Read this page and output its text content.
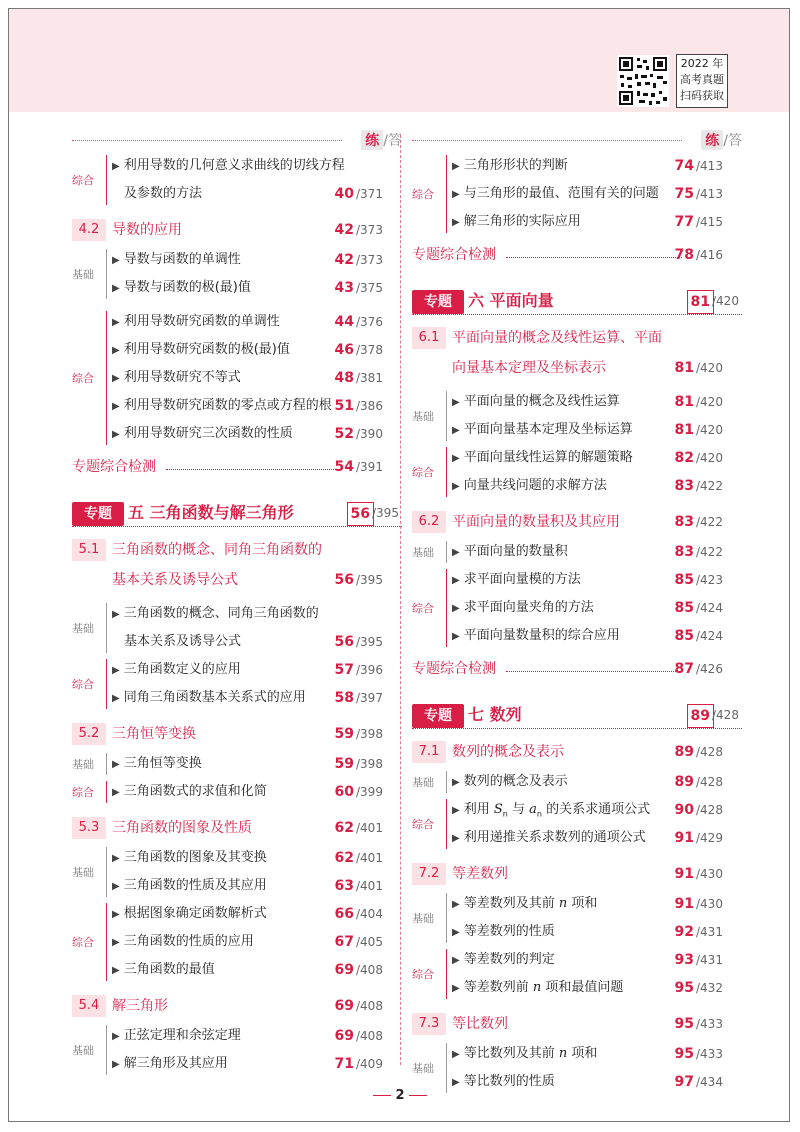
2022 年
高考真题
扫码获取
练 /答
综合
▶ 利用导数的几何意义求曲线的切线方程
及参数的方法	40 /371
4.2 导数的应用	42 /373
基础
▶ 导数与函数的单调性	42 /373
▶ 导数与函数的极(最)值	43 /375
综合
▶ 利用导数研究函数的单调性	44 /376
▶ 利用导数研究函数的极(最)值	46 /378
▶ 利用导数研究不等式	48 /381
▶ 利用导数研究函数的零点或方程的根 51 /386
▶ 利用导数研究三次函数的性质	52 /390
专题综合检测	54 /391
专题	五 三角函数与解三角形	56 /395
5.1 三角函数的概念、同角三角函数的
基本关系及诱导公式	56 /395
基础
▶ 三角函数的概念、同角三角函数的
基本关系及诱导公式	56 /395
综合
▶ 三角函数定义的应用	57 /396
▶ 同角三角函数基本关系式的应用 58 /397
5.2 三角恒等变换	59 /398
基础	▶ 三角恒等变换	59 /398
综合	▶ 三角函数式的求值和化简	60 /399
5.3 三角函数的图象及性质	62 /401
基础
▶ 三角函数的图象及其变换	62 /401
▶ 三角函数的性质及其应用	63 /401
综合
▶ 根据图象确定函数解析式	66 /404
▶ 三角函数的性质的应用	67 /405
▶ 三角函数的最值	69 /408
5.4 解三角形	69 /408
基础
▶ 正弦定理和余弦定理	69 /408
▶ 解三角形及其应用	71 /409
练 /答
综合
▶ 三角形形状的判断	74 /413
▶ 与三角形的最值、范围有关的问题 75 /413
▶ 解三角形的实际应用	77 /415
专题综合检测	78 /416
专题	六 平面向量	81 /420
6.1 平面向量的概念及线性运算、平面
向量基本定理及坐标表示	81 /420
基础
▶ 平面向量的概念及线性运算	81 /420
▶ 平面向量基本定理及坐标运算	81 /420
综合
▶ 平面向量线性运算的解题策略	82 /420
▶ 向量共线问题的求解方法	83 /422
6.2 平面向量的数量积及其应用	83 /422
基础	▶ 平面向量的数量积	83 /422
综合
▶ 求平面向量模的方法	85 /423
▶ 求平面向量夹角的方法	85 /424
▶ 平面向量数量积的综合应用	85 /424
专题综合检测	87 /426
专题	七 数列	89 /428
7.1 数列的概念及表示	89 /428
基础	▶ 数列的概念及表示	89 /428
综合
▶ 利用 $S_n$ 与 $a_n$ 的关系求通项公式 90 /428
▶ 利用递推关系求数列的通项公式 91 /429
7.2 等差数列	91 /430
基础
▶ 等差数列及其前 n 项和	91 /430
▶ 等差数列的性质	92 /431
综合
▶ 等差数列的判定	93 /431
▶ 等差数列前 n 项和最值问题	95 /432
7.3 等比数列	95 /433
基础
▶ 等比数列及其前 n 项和	95 /433
▶ 等比数列的性质	97 /434
2
